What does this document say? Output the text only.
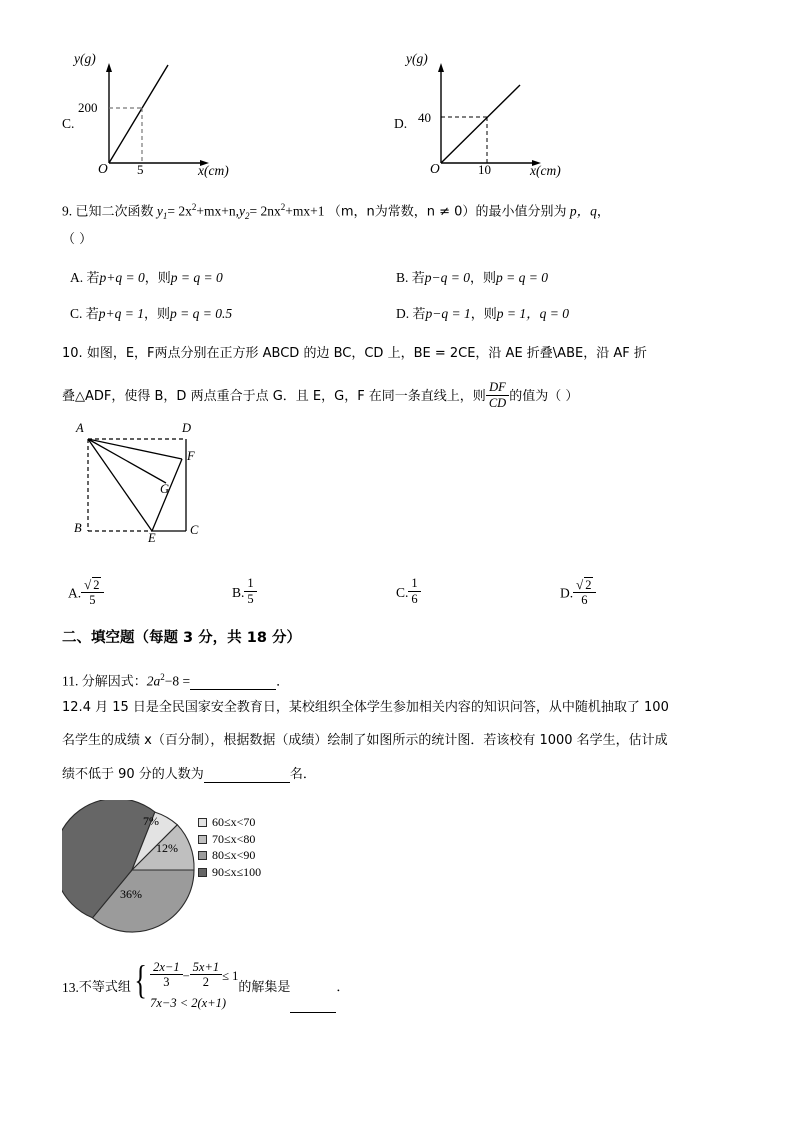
y(g)
200
O 5	x(cm)
C.
y(g)
40
O	10	x(cm)
D.
9. 已知二次函数 $y_1= 2x^2+mx+n,y_2= 2nx^2+mx+1$ （m，n为常数，n ≠ 0）的最小值分别为 p，q，
（ ）
A. 若p+q = 0，则p = q = 0	B. 若p−q = 0，则p = q = 0
C. 若p+q = 1，则p = q = 0.5	D. 若p−q = 1，则p = 1，q = 0
10. 如图，E，F两点分别在正方形 ABCD 的边 BC，CD 上，BE = 2CE，沿 AE 折叠\ABE，沿 AF 折
叠△ADF，使得 B，D 两点重合于点 G．且 E，G，F 在同一条直线上，则 $\frac{DF}{CD}$ 的值为（ ）
A	D
F
G
B
E
C
A. $\frac{√ 2}{5}$	B. $\frac{1}{5}$	C. $\frac{1}{6}$	D. $\frac{√ 2}{6}$
二、填空题（每题 3 分，共 18 分）
11. 分解因式：$2a^2-8$ =	．
12.4 月 15 日是全民国家安全教育日，某校组织全体学生参加相关内容的知识问答，从中随机抽取了 100
名学生的成绩 x（百分制），根据数据（成绩）绘制了如图所示的统计图．若该校有 1000 名学生，估计成
绩不低于 90 分的人数为	名．
7%
12%
36%
60≤x<70
70≤x<80
80≤x<90
90≤x≤100
13.不等式组{ $\frac{2x-1}{3} - \frac{5x+1}{2} \le 1$
7x−3 < 2(x+1)
的解集是	．
